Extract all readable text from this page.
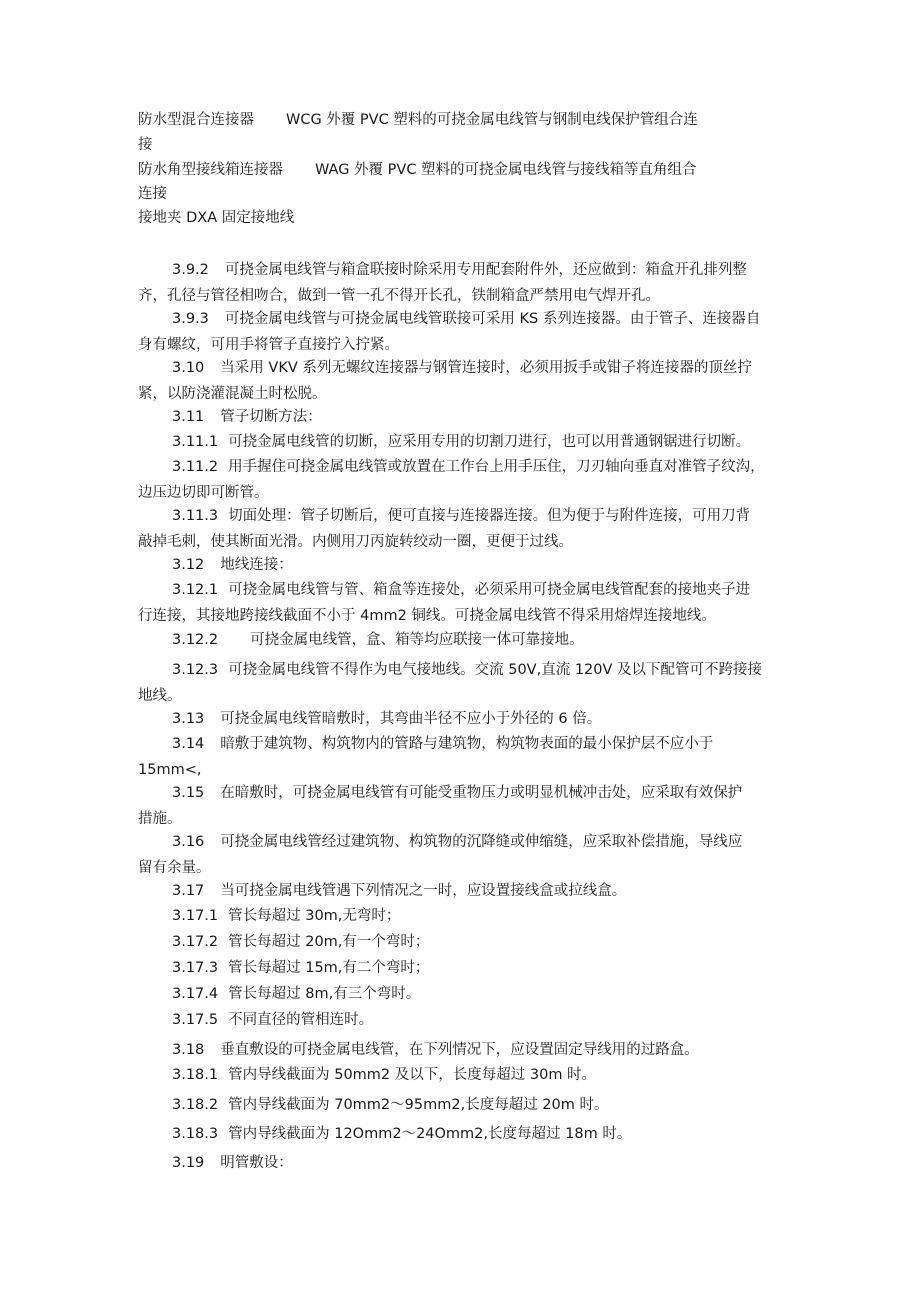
防水型混合连接器 WCG 外覆 PVC 塑料的可挠金属电线管与钢制电线保护管组合连
接
防水角型接线箱连接器 WAG 外覆 PVC 塑料的可挠金属电线管与接线箱等直角组合
连接
接地夹 DXA 固定接地线
3.9.2 可挠金属电线管与箱盒联接时除采用专用配套附件外，还应做到：箱盒开孔排列整
齐，孔径与管径相吻合，做到一管一孔不得开长孔，铁制箱盒严禁用电气焊开孔。
3.9.3 可挠金属电线管与可挠金属电线管联接可采用 KS 系列连接器。由于管子、连接器自
身有螺纹，可用手将管子直接拧入拧紧。
3.10 当采用 VKV 系列无螺纹连接器与钢管连接时，必须用扳手或钳子将连接器的顶丝拧
紧，以防浇灌混凝土时松脱。
3.11 管子切断方法：
3.11.1 可挠金属电线管的切断，应采用专用的切割刀进行，也可以用普通钢锯进行切断。
3.11.2 用手握住可挠金属电线管或放置在工作台上用手压住，刀刃轴向垂直对准管子纹沟，
边压边切即可断管。
3.11.3 切面处理：管子切断后，便可直接与连接器连接。但为便于与附件连接，可用刀背
敲掉毛刺，使其断面光滑。内侧用刀丙旋转绞动一圈，更便于过线。
3.12 地线连接：
3.12.1 可挠金属电线管与管、箱盒等连接处，必须采用可挠金属电线管配套的接地夹子进
行连接，其接地跨接线截面不小于 4mm2 铜线。可挠金属电线管不得采用熔焊连接地线。
3.12.2 可挠金属电线管，盒、箱等均应联接一体可靠接地。
3.12.3 可挠金属电线管不得作为电气接地线。交流 50V,直流 120V 及以下配管可不跨接接
地线。
3.13 可挠金属电线管暗敷时，其弯曲半径不应小于外径的 6 倍。
3.14 暗敷于建筑物、构筑物内的管路与建筑物，构筑物表面的最小保护层不应小于
15mm<,
3.15 在暗敷时，可挠金属电线管有可能受重物压力或明显机械冲击处，应采取有效保护
措施。
3.16 可挠金属电线管经过建筑物、构筑物的沉降缝或伸缩缝，应采取补偿措施，导线应
留有余量。
3.17 当可挠金属电线管遇下列情况之一时，应设置接线盒或拉线盒。
3.17.1 管长每超过 30m,无弯时；
3.17.2 管长每超过 20m,有一个弯时；
3.17.3 管长每超过 15m,有二个弯时；
3.17.4 管长每超过 8m,有三个弯时。
3.17.5 不同直径的管相连时。
3.18 垂直敷设的可挠金属电线管，在下列情况下，应设置固定导线用的过路盒。
3.18.1 管内导线截面为 50mm2 及以下，长度每超过 30m 时。
3.18.2 管内导线截面为 70mm2～95mm2,长度每超过 20m 时。
3.18.3 管内导线截面为 12Omm2～24Omm2,长度每超过 18m 时。
3.19 明管敷设：
